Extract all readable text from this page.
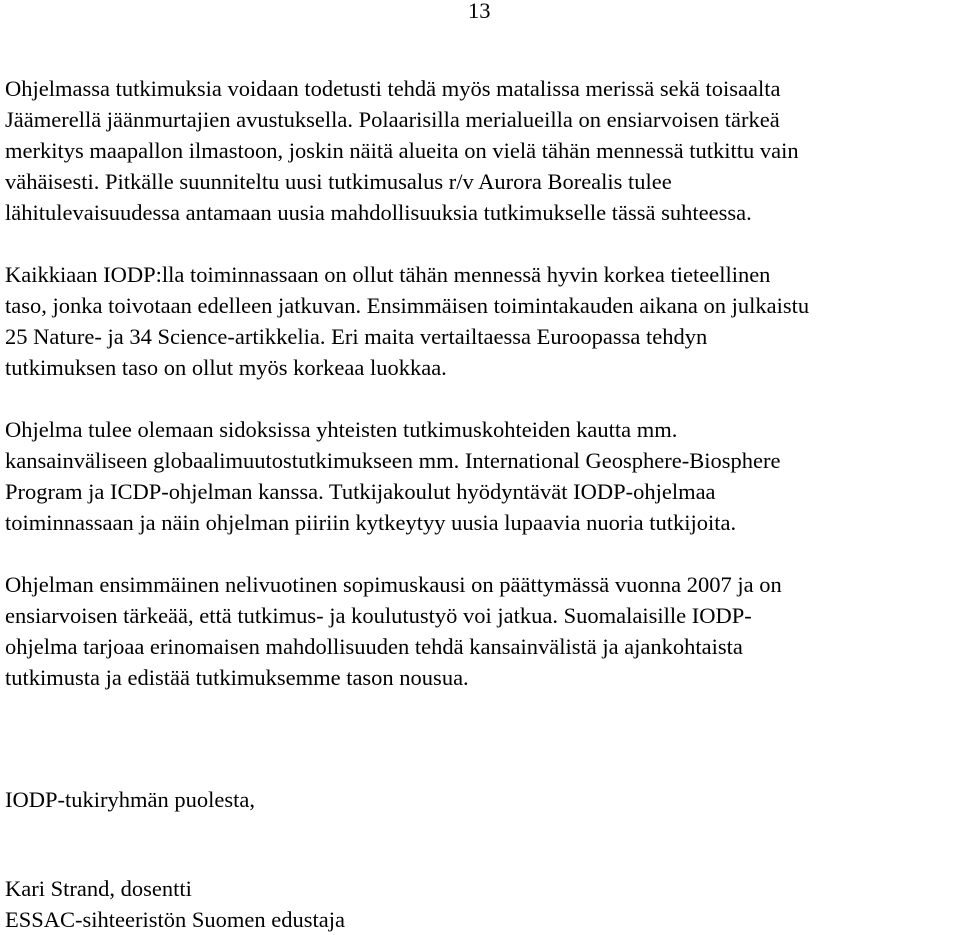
13
Ohjelmassa tutkimuksia voidaan todetusti tehdä myös matalissa merissä sekä toisaalta
Jäämerellä jäänmurtajien avustuksella. Polaarisilla merialueilla on ensiarvoisen tärkeä
merkitys maapallon ilmastoon, joskin näitä alueita on vielä tähän mennessä tutkittu vain
vähäisesti. Pitkälle suunniteltu uusi tutkimusalus r/v Aurora Borealis tulee
lähitulevaisuudessa antamaan uusia mahdollisuuksia tutkimukselle tässä suhteessa.
Kaikkiaan IODP:lla toiminnassaan on ollut tähän mennessä hyvin korkea tieteellinen
taso, jonka toivotaan edelleen jatkuvan. Ensimmäisen toimintakauden aikana on julkaistu
25 Nature- ja 34 Science-artikkelia. Eri maita vertailtaessa Euroopassa tehdyn
tutkimuksen taso on ollut myös korkeaa luokkaa.
Ohjelma tulee olemaan sidoksissa yhteisten tutkimuskohteiden kautta mm.
kansainväliseen globaalimuutostutkimukseen mm. International Geosphere-Biosphere
Program ja ICDP-ohjelman kanssa. Tutkijakoulut hyödyntävät IODP-ohjelmaa
toiminnassaan ja näin ohjelman piiriin kytkeytyy uusia lupaavia nuoria tutkijoita.
Ohjelman ensimmäinen nelivuotinen sopimuskausi on päättymässä vuonna 2007 ja on
ensiarvoisen tärkeää, että tutkimus- ja koulutustyö voi jatkua. Suomalaisille IODP-
ohjelma tarjoaa erinomaisen mahdollisuuden tehdä kansainvälistä ja ajankohtaista
tutkimusta ja edistää tutkimuksemme tason nousua.
IODP-tukiryhmän puolesta,
Kari Strand, dosentti
ESSAC-sihteeristön Suomen edustaja
